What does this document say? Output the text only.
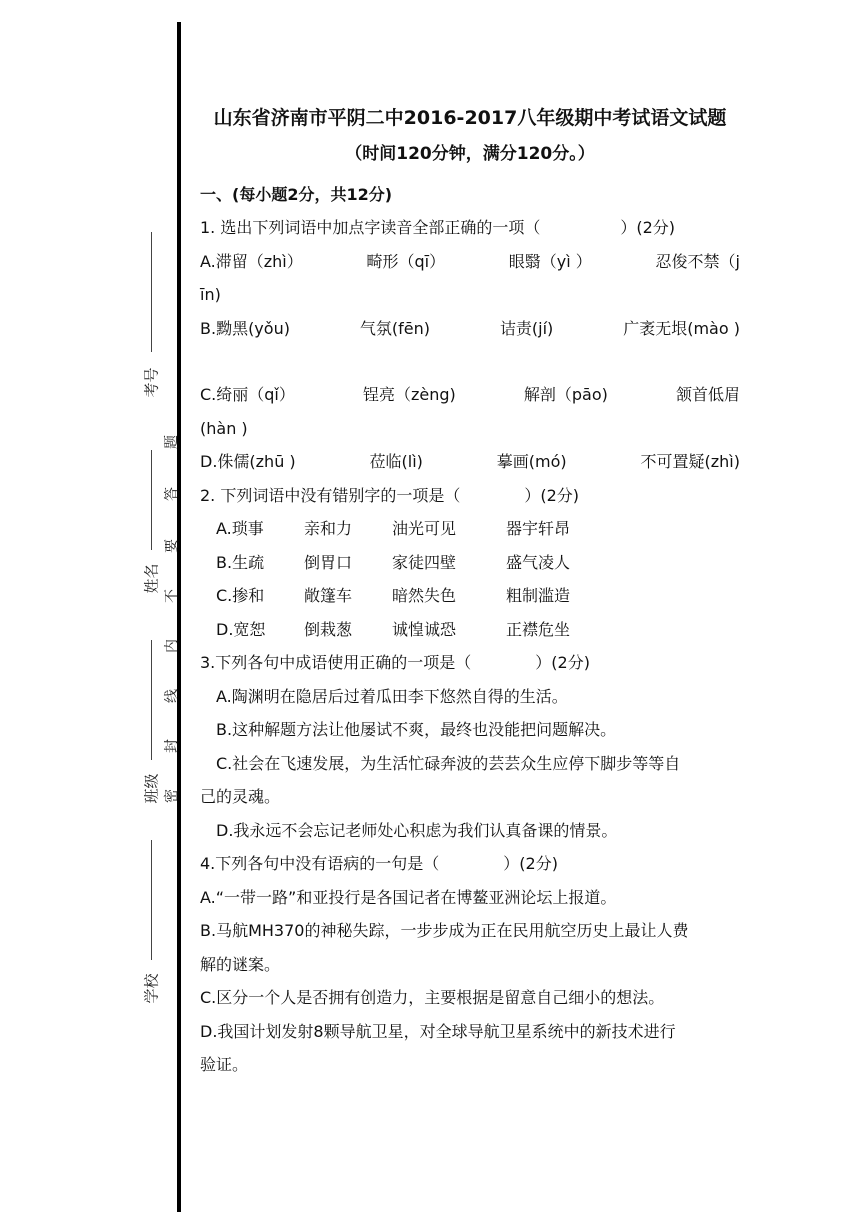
考号
姓名
班级
学校
题
答
要
不
内
线
封
密

山东省济南市平阴二中2016-2017八年级期中考试语文试题

（时间120分钟，满分120分。）

一、(每小题2分，共12分)

1. 选出下列词语中加点字读音全部正确的一项（　　　　　）(2分)

A.滞留（zhì）	畸形（qī）	眼翳（yì ）	忍俊不禁（j

īn)

B.黝黑(yǒu)	气氛(fēn)	诘责(jí)	广袤无垠(mào )
C.绮丽（qǐ）	锃亮（zèng)	解剖（pāo)	颔首低眉

(hàn )

D.侏儒(zhū )	莅临(lì)	摹画(mó)	不可置疑(zhì)

2. 下列词语中没有错别字的一项是（　　　　）(2分)

A.琐事	亲和力	油光可见	器宇轩昂
B.生疏	倒胃口	家徒四壁	盛气凌人
C.掺和	敞篷车	暗然失色	粗制滥造
D.宽恕	倒栽葱	诚惶诚恐	正襟危坐

3.下列各句中成语使用正确的一项是（　　　　）(2分)

A.陶渊明在隐居后过着瓜田李下悠然自得的生活。

B.这种解题方法让他屡试不爽，最终也没能把问题解决。

C.社会在飞速发展，为生活忙碌奔波的芸芸众生应停下脚步等等自

己的灵魂。

D.我永远不会忘记老师处心积虑为我们认真备课的情景。

4.下列各句中没有语病的一句是（　　　　）(2分)

A.“一带一路”和亚投行是各国记者在博鳌亚洲论坛上报道。

B.马航MH370的神秘失踪，一步步成为正在民用航空历史上最让人费

解的谜案。

C.区分一个人是否拥有创造力，主要根据是留意自己细小的想法。

D.我国计划发射8颗导航卫星，对全球导航卫星系统中的新技术进行

验证。
